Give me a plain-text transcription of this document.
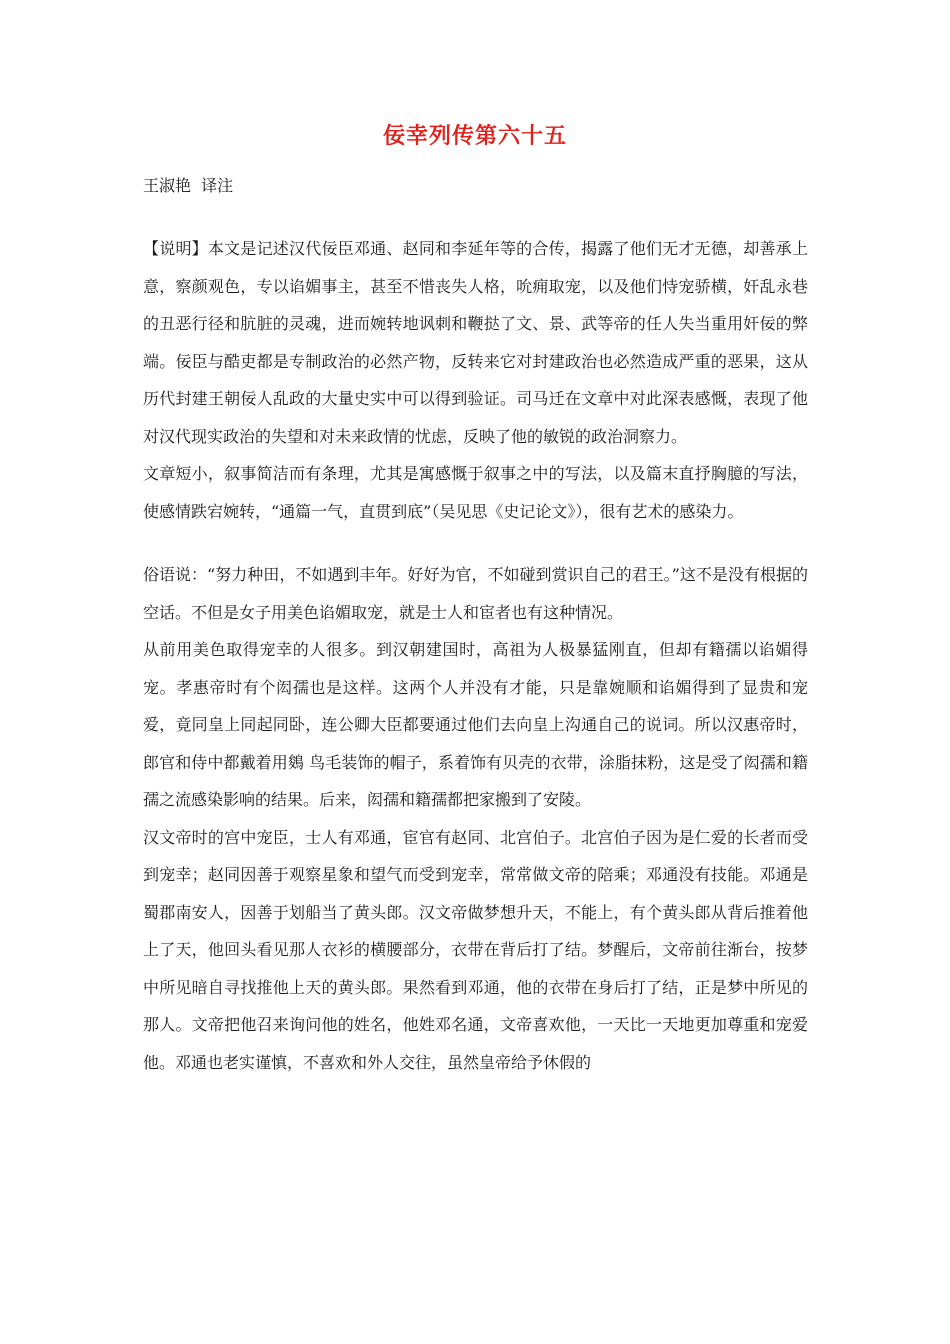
佞幸列传第六十五
王淑艳  译注

【说明】本文是记述汉代佞臣邓通、赵同和李延年等的合传，揭露了他们无才无德，却善承上意，察颜观色，专以谄媚事主，甚至不惜丧失人格，吮痈取宠，以及他们恃宠骄横，奸乱永巷的丑恶行径和肮脏的灵魂，进而婉转地讽刺和鞭挞了文、景、武等帝的任人失当重用奸佞的弊端。佞臣与酷吏都是专制政治的必然产物，反转来它对封建政治也必然造成严重的恶果，这从历代封建王朝佞人乱政的大量史实中可以得到验证。司马迁在文章中对此深表感慨，表现了他对汉代现实政治的失望和对未来政情的忧虑，反映了他的敏锐的政治洞察力。

文章短小，叙事简洁而有条理，尤其是寓感慨于叙事之中的写法，以及篇末直抒胸臆的写法，使感情跌宕婉转，“通篇一气，直贯到底”（吴见思《史记论文》），很有艺术的感染力。

俗语说：“努力种田，不如遇到丰年。好好为官，不如碰到赏识自己的君王。”这不是没有根据的空话。不但是女子用美色谄媚取宠，就是士人和宦者也有这种情况。

从前用美色取得宠幸的人很多。到汉朝建国时，高祖为人极暴猛刚直，但却有籍孺以谄媚得宠。孝惠帝时有个闳孺也是这样。这两个人并没有才能，只是靠婉顺和谄媚得到了显贵和宠爱，竟同皇上同起同卧，连公卿大臣都要通过他们去向皇上沟通自己的说词。所以汉惠帝时，郎官和侍中都戴着用鵕 鸟毛装饰的帽子，系着饰有贝壳的衣带，涂脂抹粉，这是受了闳孺和籍孺之流感染影响的结果。后来，闳孺和籍孺都把家搬到了安陵。

汉文帝时的宫中宠臣，士人有邓通，宦官有赵同、北宫伯子。北宫伯子因为是仁爱的长者而受到宠幸；赵同因善于观察星象和望气而受到宠幸，常常做文帝的陪乘；邓通没有技能。邓通是蜀郡南安人，因善于划船当了黄头郎。汉文帝做梦想升天，不能上，有个黄头郎从背后推着他上了天，他回头看见那人衣衫的横腰部分，衣带在背后打了结。梦醒后，文帝前往渐台，按梦中所见暗自寻找推他上天的黄头郎。果然看到邓通，他的衣带在身后打了结，正是梦中所见的那人。文帝把他召来询问他的姓名，他姓邓名通，文帝喜欢他，一天比一天地更加尊重和宠爱他。邓通也老实谨慎，不喜欢和外人交往，虽然皇帝给予休假的
